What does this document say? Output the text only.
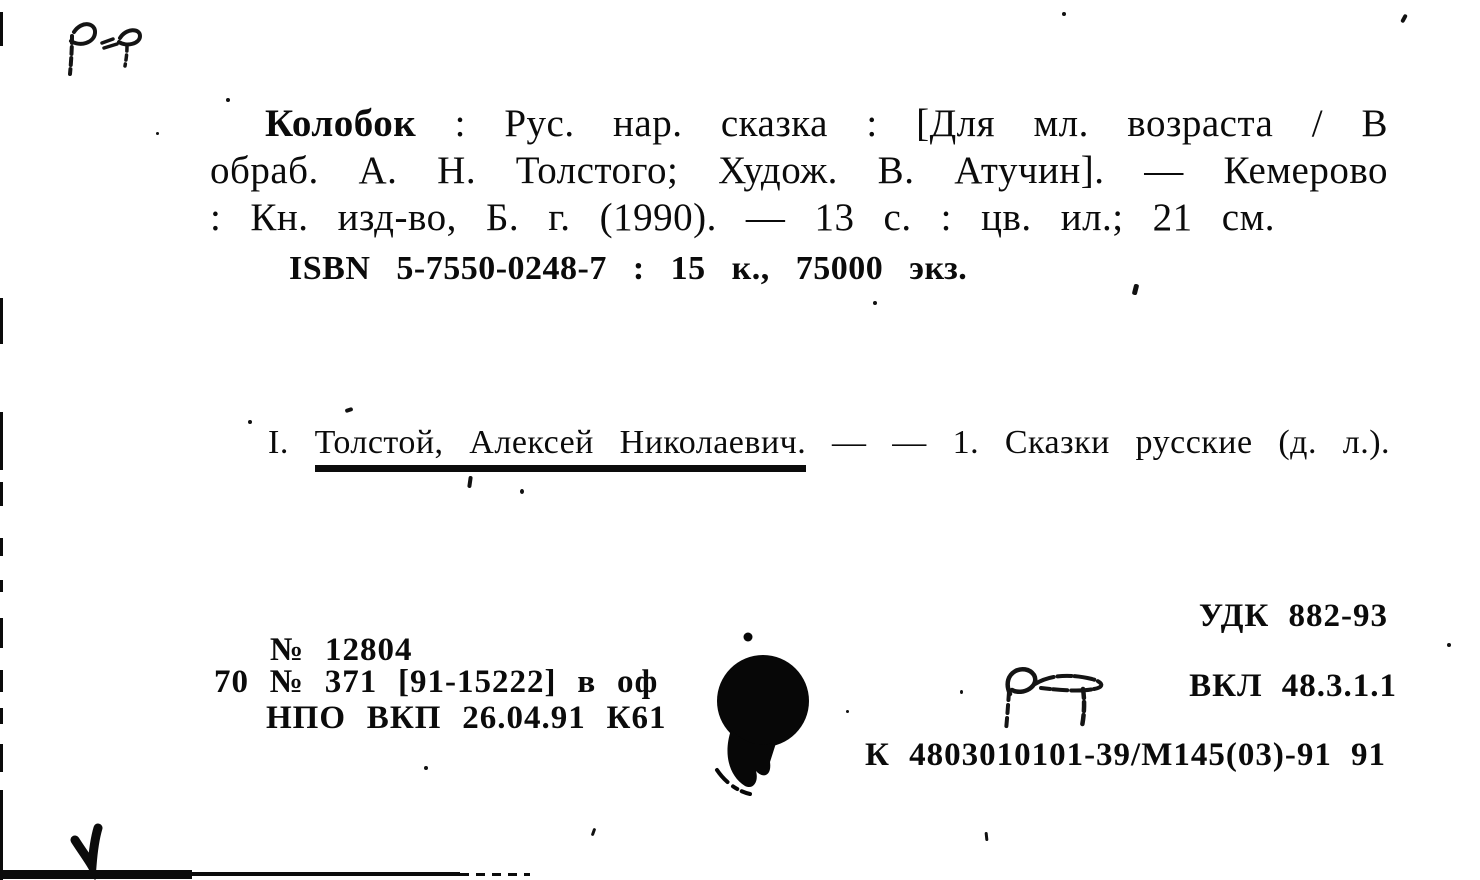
Колобок : Рус. нар. сказка : [Для мл. возраста / В
обраб. А. Н. Толстого; Худож. В. Атучин]. — Кемерово
: Кн. изд-во, Б. г. (1990). — 13 с. : цв. ил.; 21 см.
ISBN 5-7550-0248-7 : 15 к., 75000 экз.
I. Толстой, Алексей Николаевич. — — 1. Сказки русские (д. л.).
№ 12804
70 № 371 [91-15222] в оф
НПО ВКП 26.04.91 К61
УДК 882-93
ВКЛ 48.3.1.1
К 4803010101-39/М145(03)-91 91
